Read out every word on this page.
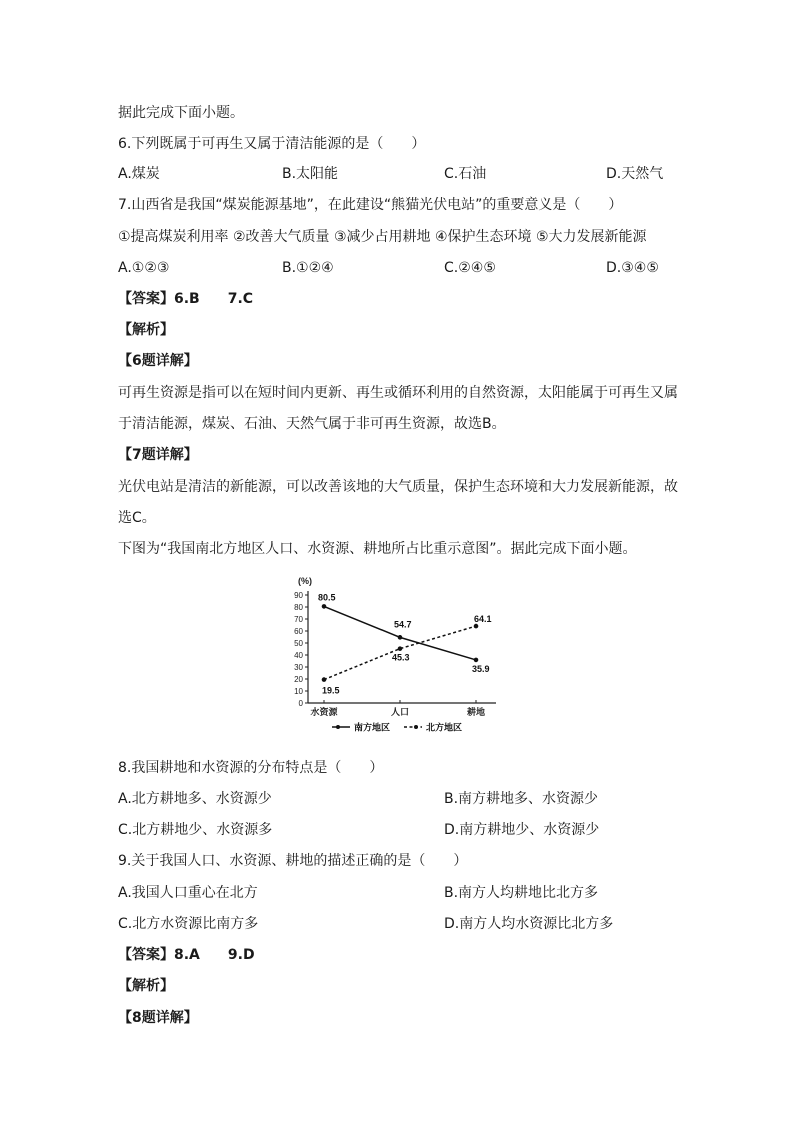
据此完成下面小题。
6.下列既属于可再生又属于清洁能源的是（　　）
A.煤炭	B.太阳能	C.石油	D.天然气
7.山西省是我国“煤炭能源基地”，在此建设“熊猫光伏电站”的重要意义是（　　）
①提高煤炭利用率 ②改善大气质量 ③减少占用耕地 ④保护生态环境 ⑤大力发展新能源
A.①②③	B.①②④	C.②④⑤	D.③④⑤
【答案】6.B　　7.C
【解析】
【6题详解】
可再生资源是指可以在短时间内更新、再生或循环利用的自然资源，太阳能属于可再生又属
于清洁能源，煤炭、石油、天然气属于非可再生资源，故选B。
【7题详解】
光伏电站是清洁的新能源，可以改善该地的大气质量，保护生态环境和大力发展新能源，故
选C。
下图为“我国南北方地区人口、水资源、耕地所占比重示意图”。据此完成下面小题。
(%)
0
10
20
30
40
50
60
70
80
90
水资源	人口	耕地
80.5
54.7
35.9
19.5
45.3
64.1
南方地区	北方地区
8.我国耕地和水资源的分布特点是（　　）
A.北方耕地多、水资源少	B.南方耕地多、水资源少
C.北方耕地少、水资源多	D.南方耕地少、水资源少
9.关于我国人口、水资源、耕地的描述正确的是（　　）
A.我国人口重心在北方	B.南方人均耕地比北方多
C.北方水资源比南方多	D.南方人均水资源比北方多
【答案】8.A　　9.D
【解析】
【8题详解】
